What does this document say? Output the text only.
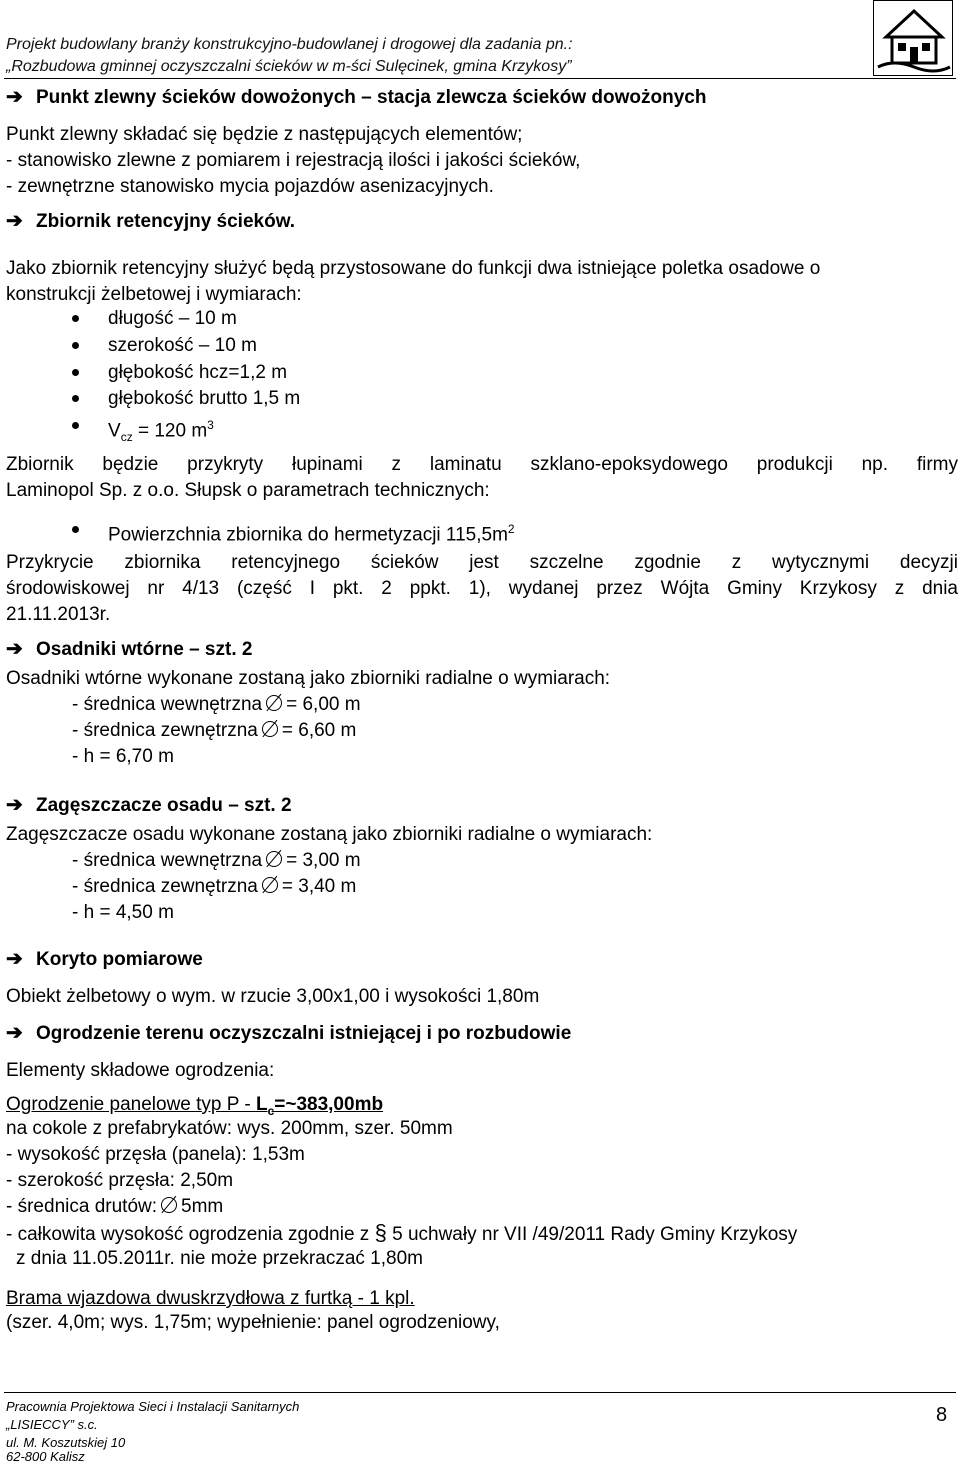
Projekt budowlany branży konstrukcyjno-budowlanej i drogowej dla zadania pn.:
„Rozbudowa gminnej oczyszczalni ścieków w m-ści Sulęcinek, gmina Krzykosy”
➔ Punkt zlewny ścieków dowożonych – stacja zlewcza ścieków dowożonych
Punkt zlewny składać się będzie z następujących elementów;
- stanowisko zlewne z pomiarem i rejestracją ilości i jakości ścieków,
- zewnętrzne stanowisko mycia pojazdów asenizacyjnych.
➔ Zbiornik retencyjny ścieków.
Jako zbiornik retencyjny służyć będą przystosowane do funkcji dwa istniejące poletka osadowe o
konstrukcji żelbetowej i wymiarach:
długość – 10 m
szerokość – 10 m
głębokość hcz=1,2 m
głębokość brutto 1,5 m
$V_{cz} = 120$ $m^3$
Zbiornik będzie przykryty łupinami z laminatu szklano-epoksydowego produkcji np. firmy
Laminopol Sp. z o.o. Słupsk o parametrach technicznych:
Powierzchnia zbiornika do hermetyzacji $115,5m^2$
Przykrycie zbiornika retencyjnego ścieków jest szczelne zgodnie z wytycznymi decyzji
środowiskowej nr 4/13 (część I pkt. 2 ppkt. 1), wydanej przez Wójta Gminy Krzykosy z dnia
21.11.2013r.
➔ Osadniki wtórne – szt. 2
Osadniki wtórne wykonane zostaną jako zbiorniki radialne o wymiarach:
- średnica wewnętrzna = 6,00 m
- średnica zewnętrzna = 6,60 m
- h = 6,70 m
➔ Zagęszczacze osadu – szt. 2
Zagęszczacze osadu wykonane zostaną jako zbiorniki radialne o wymiarach:
- średnica wewnętrzna = 3,00 m
- średnica zewnętrzna = 3,40 m
- h = 4,50 m
➔ Koryto pomiarowe
Obiekt żelbetowy o wym. w rzucie 3,00x1,00 i wysokości 1,80m
➔ Ogrodzenie terenu oczyszczalni istniejącej i po rozbudowie
Elementy składowe ogrodzenia:
Ogrodzenie panelowe typ $P - L_c=\sim 383,00mb$
na cokole z prefabrykatów: wys. 200mm, szer. 50mm
- wysokość przęsła (panela): 1,53m
- szerokość przęsła: 2,50m
- średnica drutów: 5mm
- całkowita wysokość ogrodzenia zgodnie z § 5 uchwały nr VII /49/2011 Rady Gminy Krzykosy
z dnia 11.05.2011r. nie może przekraczać 1,80m
Brama wjazdowa dwuskrzydłowa z furtką - 1 kpl.
(szer. 4,0m; wys. 1,75m; wypełnienie: panel ogrodzeniowy,
Pracownia Projektowa Sieci i Instalacji Sanitarnych
„LISIECCY” s.c.
ul. M. Koszutskiej 10
62-800 Kalisz
8
